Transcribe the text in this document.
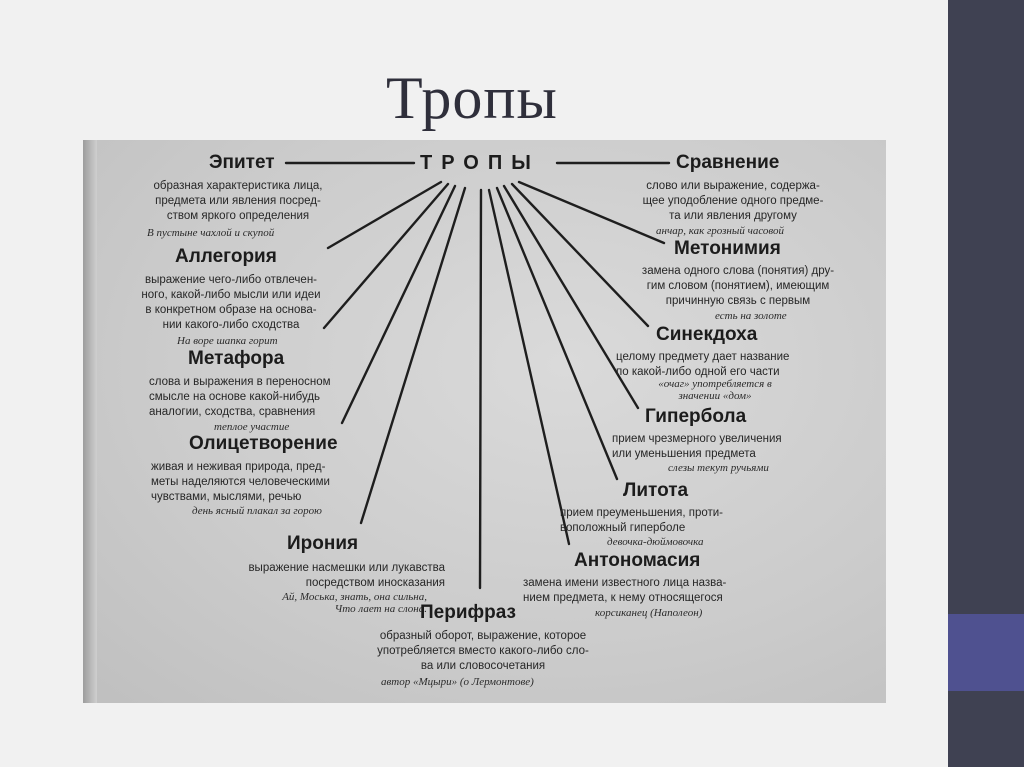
Тропы
ТРОПЫ
Эпитет
образная характеристика лица,
предмета или явления посред-
ством яркого определения
В пустыне чахлой и скупой
Аллегория
выражение чего-либо отвлечен-
ного, какой-либо мысли или идеи
в конкретном образе на основа-
нии какого-либо сходства
На воре шапка горит
Метафора
слова и выражения в переносном
смысле на основе какой-нибудь
аналогии, сходства, сравнения
теплое участие
Олицетворение
живая и неживая природа, пред-
меты наделяются человеческими
чувствами, мыслями, речью
день ясный плакал за горою
Ирония
выражение насмешки или лукавства
посредством иносказания
Ай, Моська, знать, она сильна,
Что лает на слона.
Перифраз
образный оборот, выражение, которое
употребляется вместо какого-либо сло-
ва или словосочетания
автор «Мцыри» (о Лермонтове)
Сравнение
слово или выражение, содержа-
щее уподобление одного предме-
та или явления другому
анчар, как грозный часовой
Метонимия
замена одного слова (понятия) дру-
гим словом (понятием), имеющим
причинную связь с первым
есть на золоте
Синекдоха
целому предмету дает название
по какой-либо одной его части
«очаг» употребляется в
значении «дом»
Гипербола
прием чрезмерного увеличения
или уменьшения предмета
слезы текут ручьями
Литота
прием преуменьшения, проти-
воположный гиперболе
девочка-дюймовочка
Антономасия
замена имени известного лица назва-
нием предмета, к нему относящегося
корсиканец (Наполеон)
